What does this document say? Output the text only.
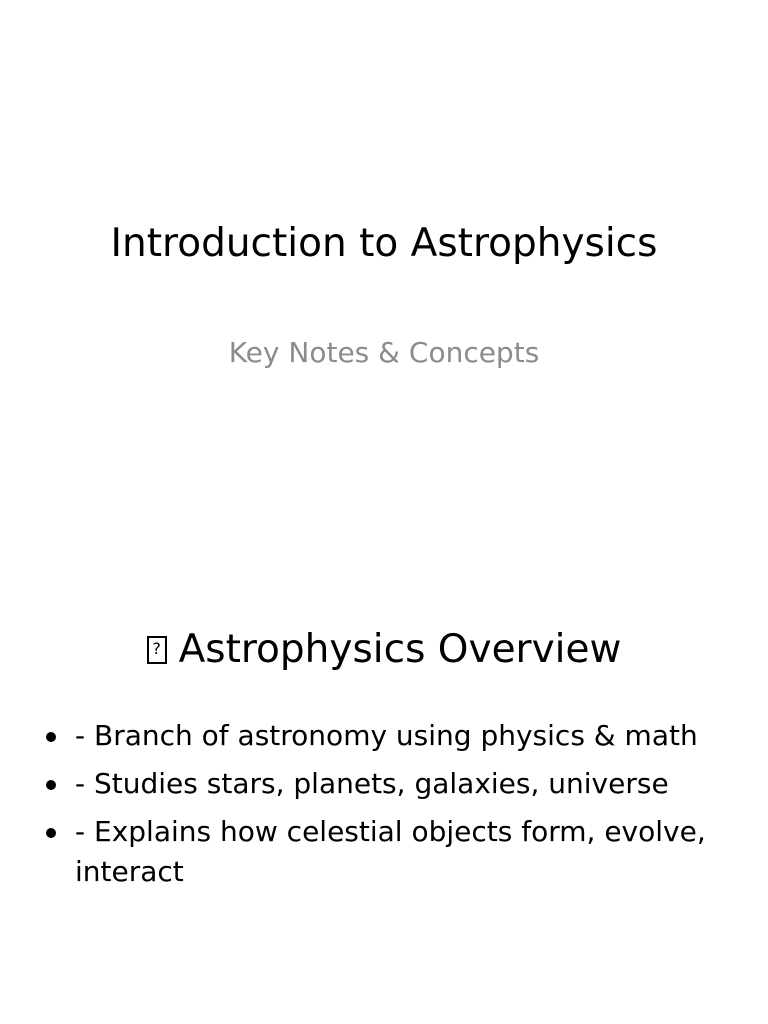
Introduction to Astrophysics
Key Notes & Concepts
?Astrophysics Overview
- Branch of astronomy using physics & math
- Studies stars, planets, galaxies, universe
- Explains how celestial objects form, evolve, interact
